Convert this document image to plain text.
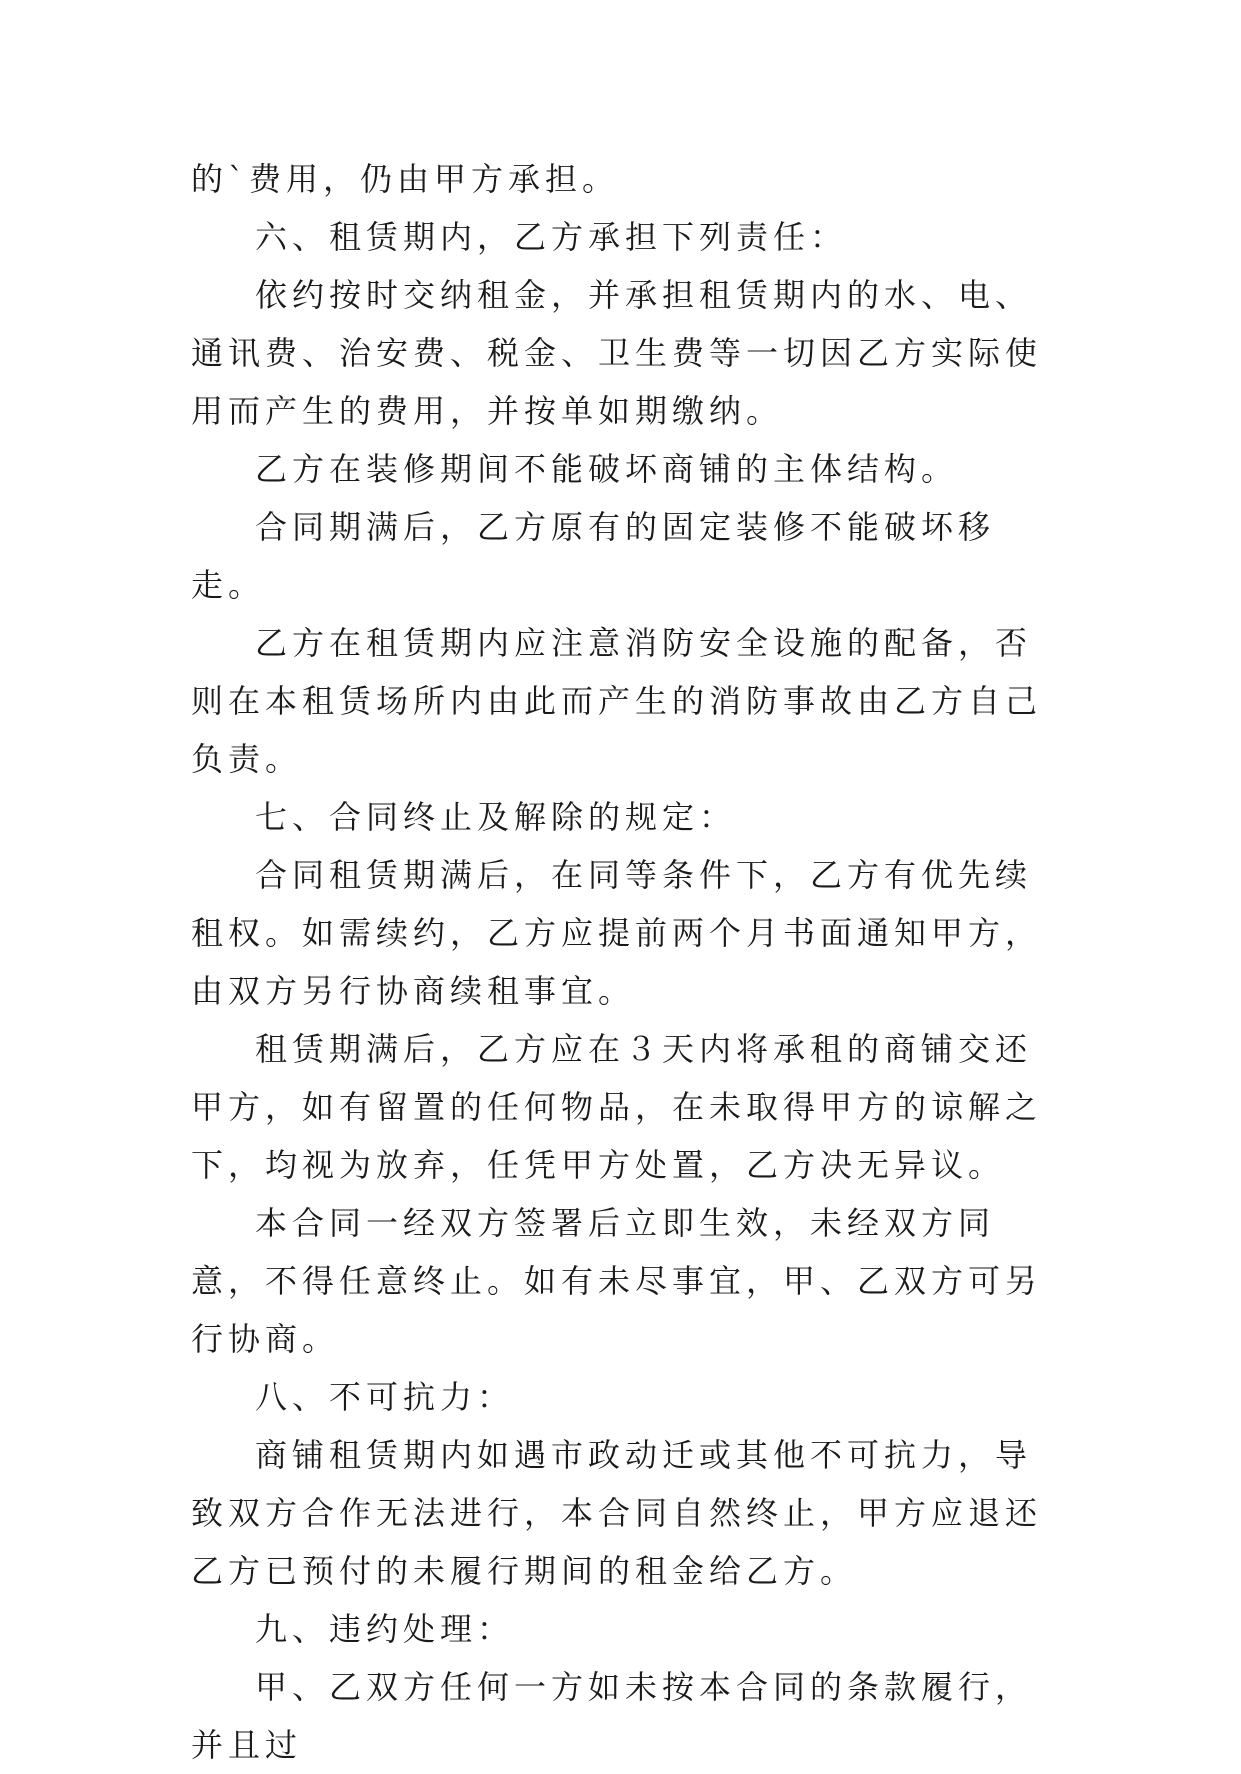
的`费用，仍由甲方承担。

六、租赁期内，乙方承担下列责任：

依约按时交纳租金，并承担租赁期内的水、电、通讯费、治安费、税金、卫生费等一切因乙方实际使用而产生的费用，并按单如期缴纳。

乙方在装修期间不能破坏商铺的主体结构。

合同期满后，乙方原有的固定装修不能破坏移走。

乙方在租赁期内应注意消防安全设施的配备，否则在本租赁场所内由此而产生的消防事故由乙方自己负责。

七、合同终止及解除的规定：

合同租赁期满后，在同等条件下，乙方有优先续租权。如需续约，乙方应提前两个月书面通知甲方，由双方另行协商续租事宜。

租赁期满后，乙方应在３天内将承租的商铺交还甲方，如有留置的任何物品，在未取得甲方的谅解之下，均视为放弃，任凭甲方处置，乙方决无异议。

本合同一经双方签署后立即生效，未经双方同意，不得任意终止。如有未尽事宜，甲、乙双方可另行协商。

八、不可抗力：

商铺租赁期内如遇市政动迁或其他不可抗力，导致双方合作无法进行，本合同自然终止，甲方应退还乙方已预付的未履行期间的租金给乙方。

九、违约处理：

甲、乙双方任何一方如未按本合同的条款履行，并且过
